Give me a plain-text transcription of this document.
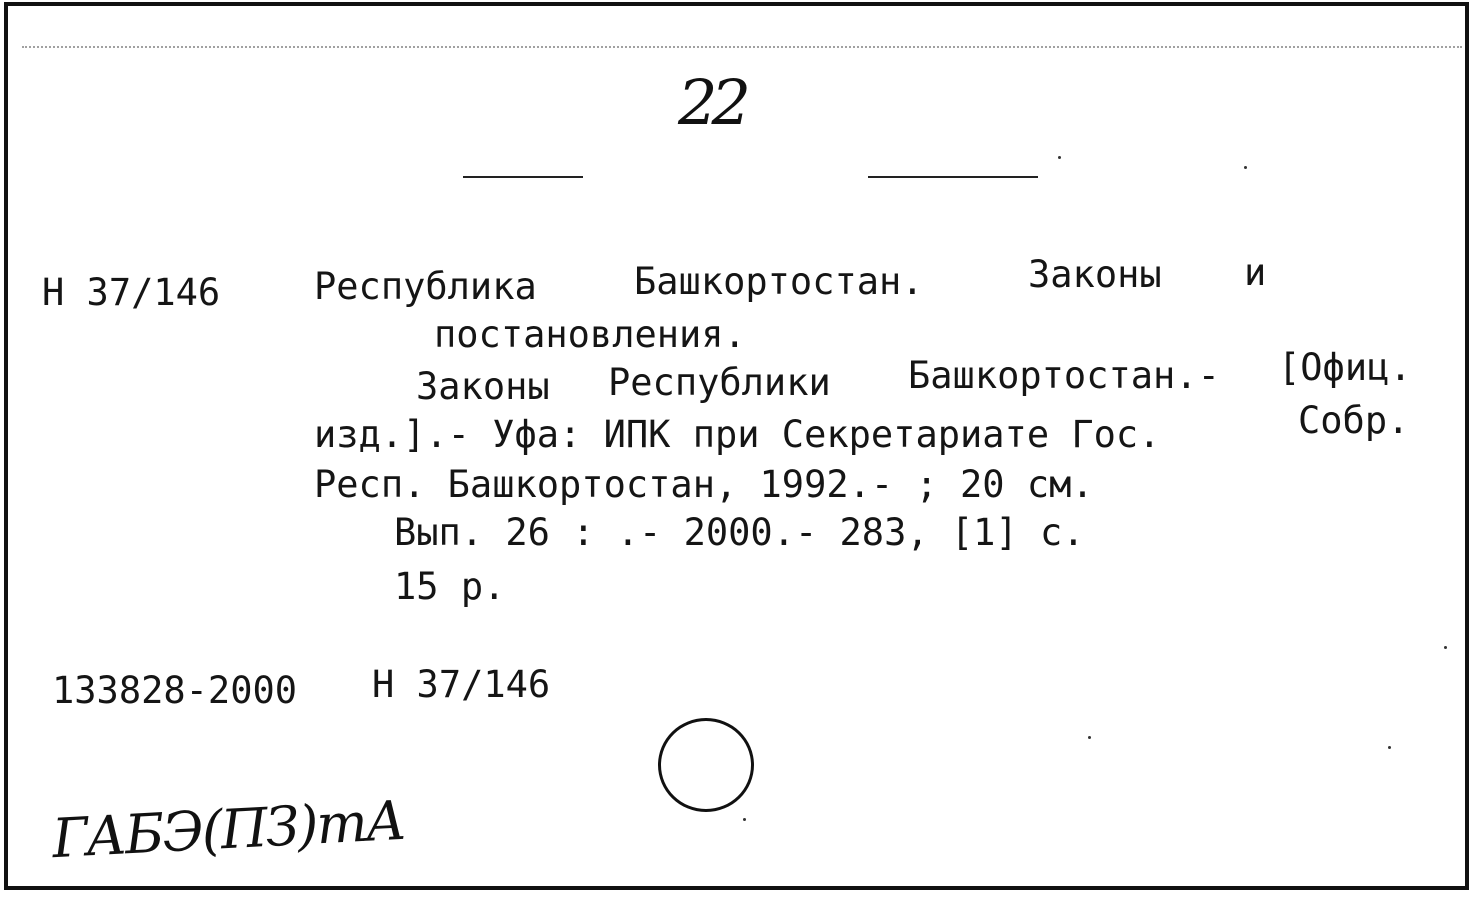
22
Н 37/146	Республика	Башкортостан.	Законы и
постановления.
Законы Республики Башкортостан.- [Офиц.
изд.].- Уфа: ИПК при Секретариате Гос.	Собр.
Респ. Башкортостан, 1992.- ; 20 см.
Вып. 26 : .- 2000.- 283, [1] с.
15 р.
133828-2000 Н 37/146
ГАБЭ(ПЗ)тА
